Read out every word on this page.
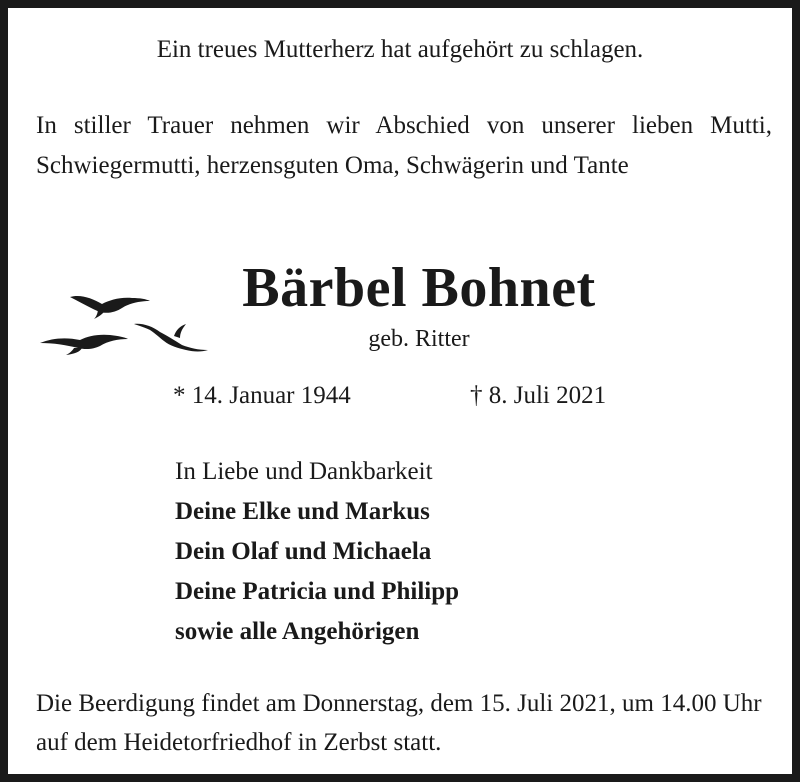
Ein treues Mutterherz hat aufgehört zu schlagen.

In stiller Trauer nehmen wir Abschied von unserer lieben Mutti, Schwiegermutti, herzensguten Oma, Schwägerin und Tante

Bärbel Bohnet

geb. Ritter

* 14. Januar 1944	† 8. Juli 2021

In Liebe und Dankbarkeit

Deine Elke und Markus

Dein Olaf und Michaela

Deine Patricia und Philipp

sowie alle Angehörigen

Die Beerdigung findet am Donnerstag, dem 15. Juli 2021, um 14.00 Uhr auf dem Heidetorfriedhof in Zerbst statt.
